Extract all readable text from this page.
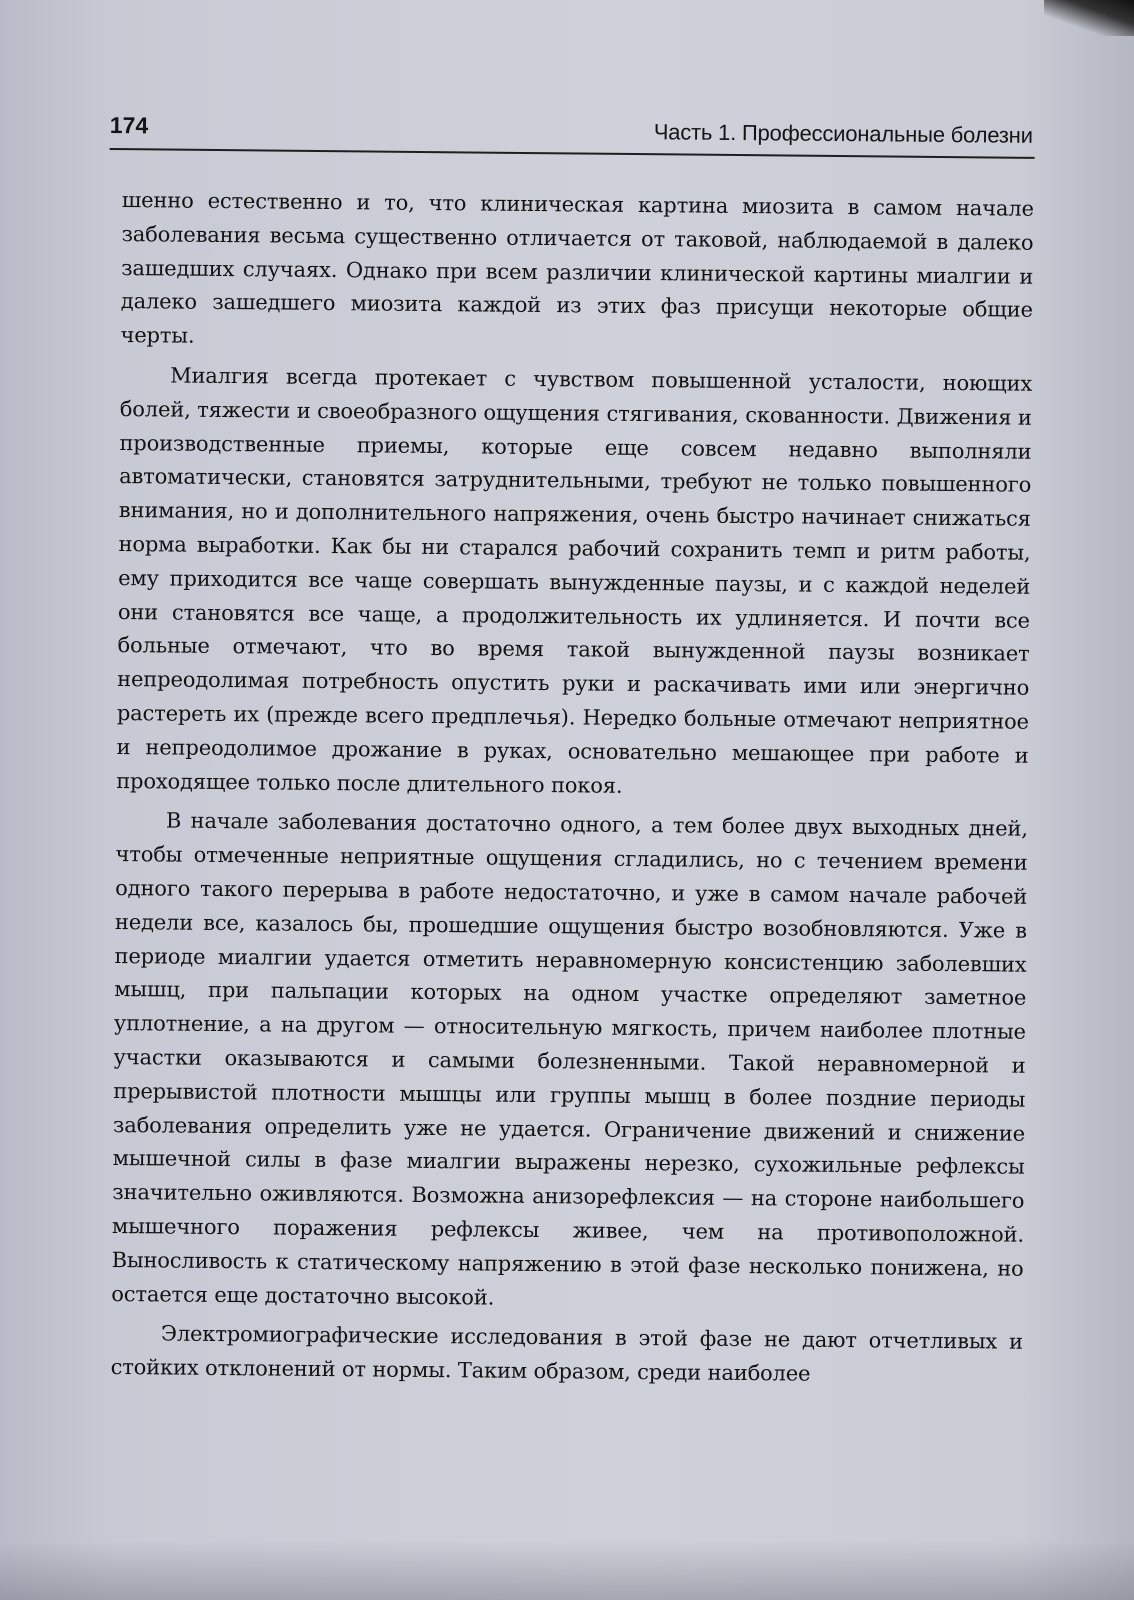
174	Часть 1. Профессиональные болезни

шенно естественно и то, что клиническая картина миозита в самом начале заболевания весьма существенно отличается от таковой, наблюдаемой в далеко зашедших случаях. Однако при всем различии клинической картины миалгии и далеко зашедшего миозита каждой из этих фаз присущи некоторые общие черты.

Миалгия всегда протекает с чувством повышенной усталости, ноющих болей, тяжести и своеобразного ощущения стягивания, скованности. Движения и производственные приемы, которые еще совсем недавно выполняли автоматически, становятся затруднительными, требуют не только повышенного внимания, но и дополнительного напряжения, очень быстро начинает снижаться норма выработки. Как бы ни старался рабочий сохранить темп и ритм работы, ему приходится все чаще совершать вынужденные паузы, и с каждой неделей они становятся все чаще, а продолжительность их удлиняется. И почти все больные отмечают, что во время такой вынужденной паузы возникает непреодолимая потребность опустить руки и раскачивать ими или энергично растереть их (прежде всего предплечья). Нередко больные отмечают неприятное и непреодолимое дрожание в руках, основательно мешающее при работе и проходящее только после длительного покоя.

В начале заболевания достаточно одного, а тем более двух выходных дней, чтобы отмеченные неприятные ощущения сгладились, но с течением времени одного такого перерыва в работе недостаточно, и уже в самом начале рабочей недели все, казалось бы, прошедшие ощущения быстро возобновляются. Уже в периоде миалгии удается отметить неравномерную консистенцию заболевших мышц, при пальпации которых на одном участке определяют заметное уплотнение, а на другом — относительную мягкость, причем наиболее плотные участки оказываются и самыми болезненными. Такой неравномерной и прерывистой плотности мышцы или группы мышц в более поздние периоды заболевания определить уже не удается. Ограничение движений и снижение мышечной силы в фазе миалгии выражены нерезко, сухожильные рефлексы значительно оживляются. Возможна анизорефлексия — на стороне наибольшего мышечного поражения рефлексы живее, чем на противоположной. Выносливость к статическому напряжению в этой фазе несколько понижена, но остается еще достаточно высокой.

Электромиографические исследования в этой фазе не дают отчетливых и стойких отклонений от нормы. Таким образом, среди наиболее
